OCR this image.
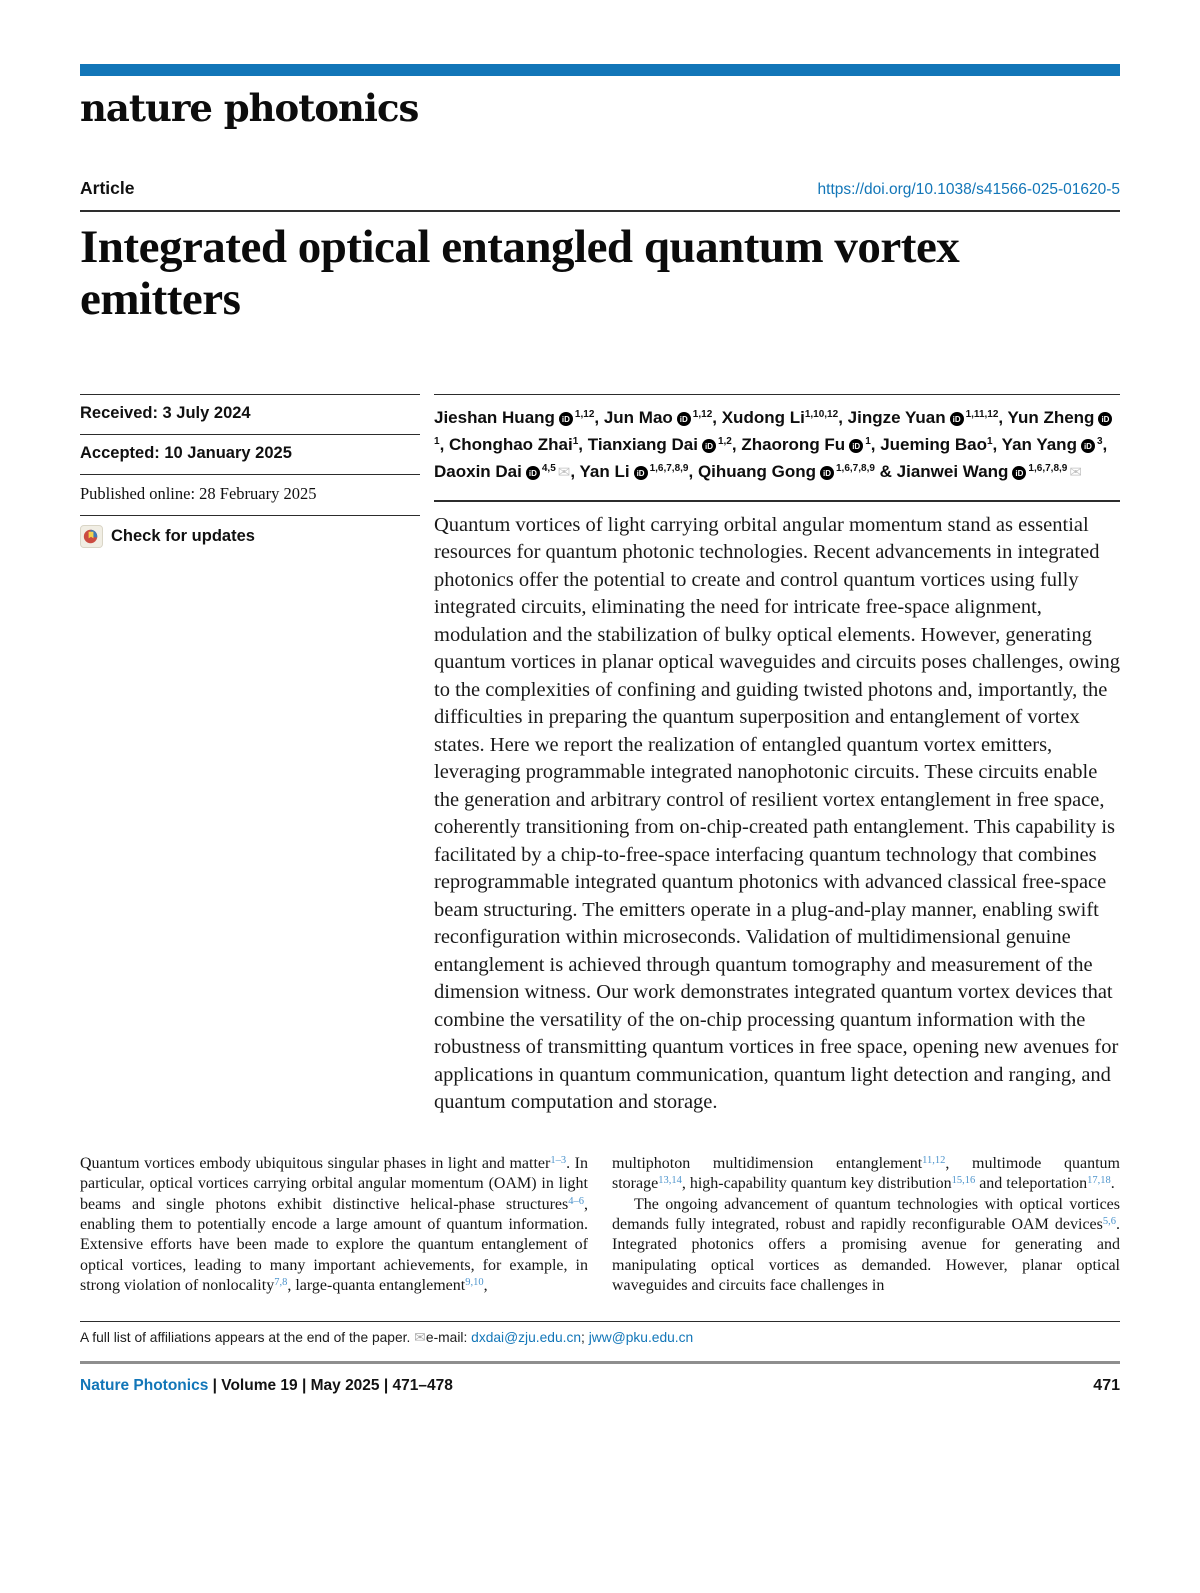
nature photonics
Article	https://doi.org/10.1038/s41566-025-01620-5
Integrated optical entangled quantum vortex emitters
Received: 3 July 2024
Accepted: 10 January 2025
Published online: 28 February 2025
Check for updates
Jieshan Huang iD $^{1,12}$, Jun Mao iD $^{1,12}$, Xudong Li$^{1,10,12}$, Jingze Yuan iD $^{1,11,12}$, Yun Zheng $iD^1$, Chonghao Zhai$^1$, Tianxiang Dai iD $^{1,2}$, Zhaorong Fu iD $^1$, Jueming Bao$^1$, Yan Yang iD $^3$, Daoxin Dai iD $^{4,5}$ ✉, Yan Li iD $^{1,6,7,8,9}$, Qihuang Gong iD $^{1,6,7,8,9}$ & Jianwei Wang iD $^{1,6,7,8,9}$ ✉
Quantum vortices of light carrying orbital angular momentum stand as essential resources for quantum photonic technologies. Recent advancements in integrated photonics offer the potential to create and control quantum vortices using fully integrated circuits, eliminating the need for intricate free-space alignment, modulation and the stabilization of bulky optical elements. However, generating quantum vortices in planar optical waveguides and circuits poses challenges, owing to the complexities of confining and guiding twisted photons and, importantly, the difficulties in preparing the quantum superposition and entanglement of vortex states. Here we report the realization of entangled quantum vortex emitters, leveraging programmable integrated nanophotonic circuits. These circuits enable the generation and arbitrary control of resilient vortex entanglement in free space, coherently transitioning from on-chip-created path entanglement. This capability is facilitated by a chip-to-free-space interfacing quantum technology that combines reprogrammable integrated quantum photonics with advanced classical free-space beam structuring. The emitters operate in a plug-and-play manner, enabling swift reconfiguration within microseconds. Validation of multidimensional genuine entanglement is achieved through quantum tomography and measurement of the dimension witness. Our work demonstrates integrated quantum vortex devices that combine the versatility of the on-chip processing quantum information with the robustness of transmitting quantum vortices in free space, opening new avenues for applications in quantum communication, quantum light detection and ranging, and quantum computation and storage.

Quantum vortices embody ubiquitous singular phases in light and matter$^{1-3}$. In particular, optical vortices carrying orbital angular momentum (OAM) in light beams and single photons exhibit distinctive helical-phase structures$^{4-6}$, enabling them to potentially encode a large amount of quantum information. Extensive efforts have been made to explore the quantum entanglement of optical vortices, leading to many important achievements, for example, in strong violation of nonlocality$^{7,8}$, large-quanta entanglement$^{9,10}$,

multiphoton multidimension entanglement$^{11,12}$, multimode quantum storage$^{13,14}$, high-capability quantum key distribution$^{15,16}$ and teleportation$^{17,18}$.

The ongoing advancement of quantum technologies with optical vortices demands fully integrated, robust and rapidly reconfigurable OAM devices$^{5,6}$. Integrated photonics offers a promising avenue for generating and manipulating optical vortices as demanded. However, planar optical waveguides and circuits face challenges in

A full list of affiliations appears at the end of the paper. ✉e-mail: dxdai@zju.edu.cn; jww@pku.edu.cn
Nature Photonics | Volume 19 | May 2025 | 471–478	471
